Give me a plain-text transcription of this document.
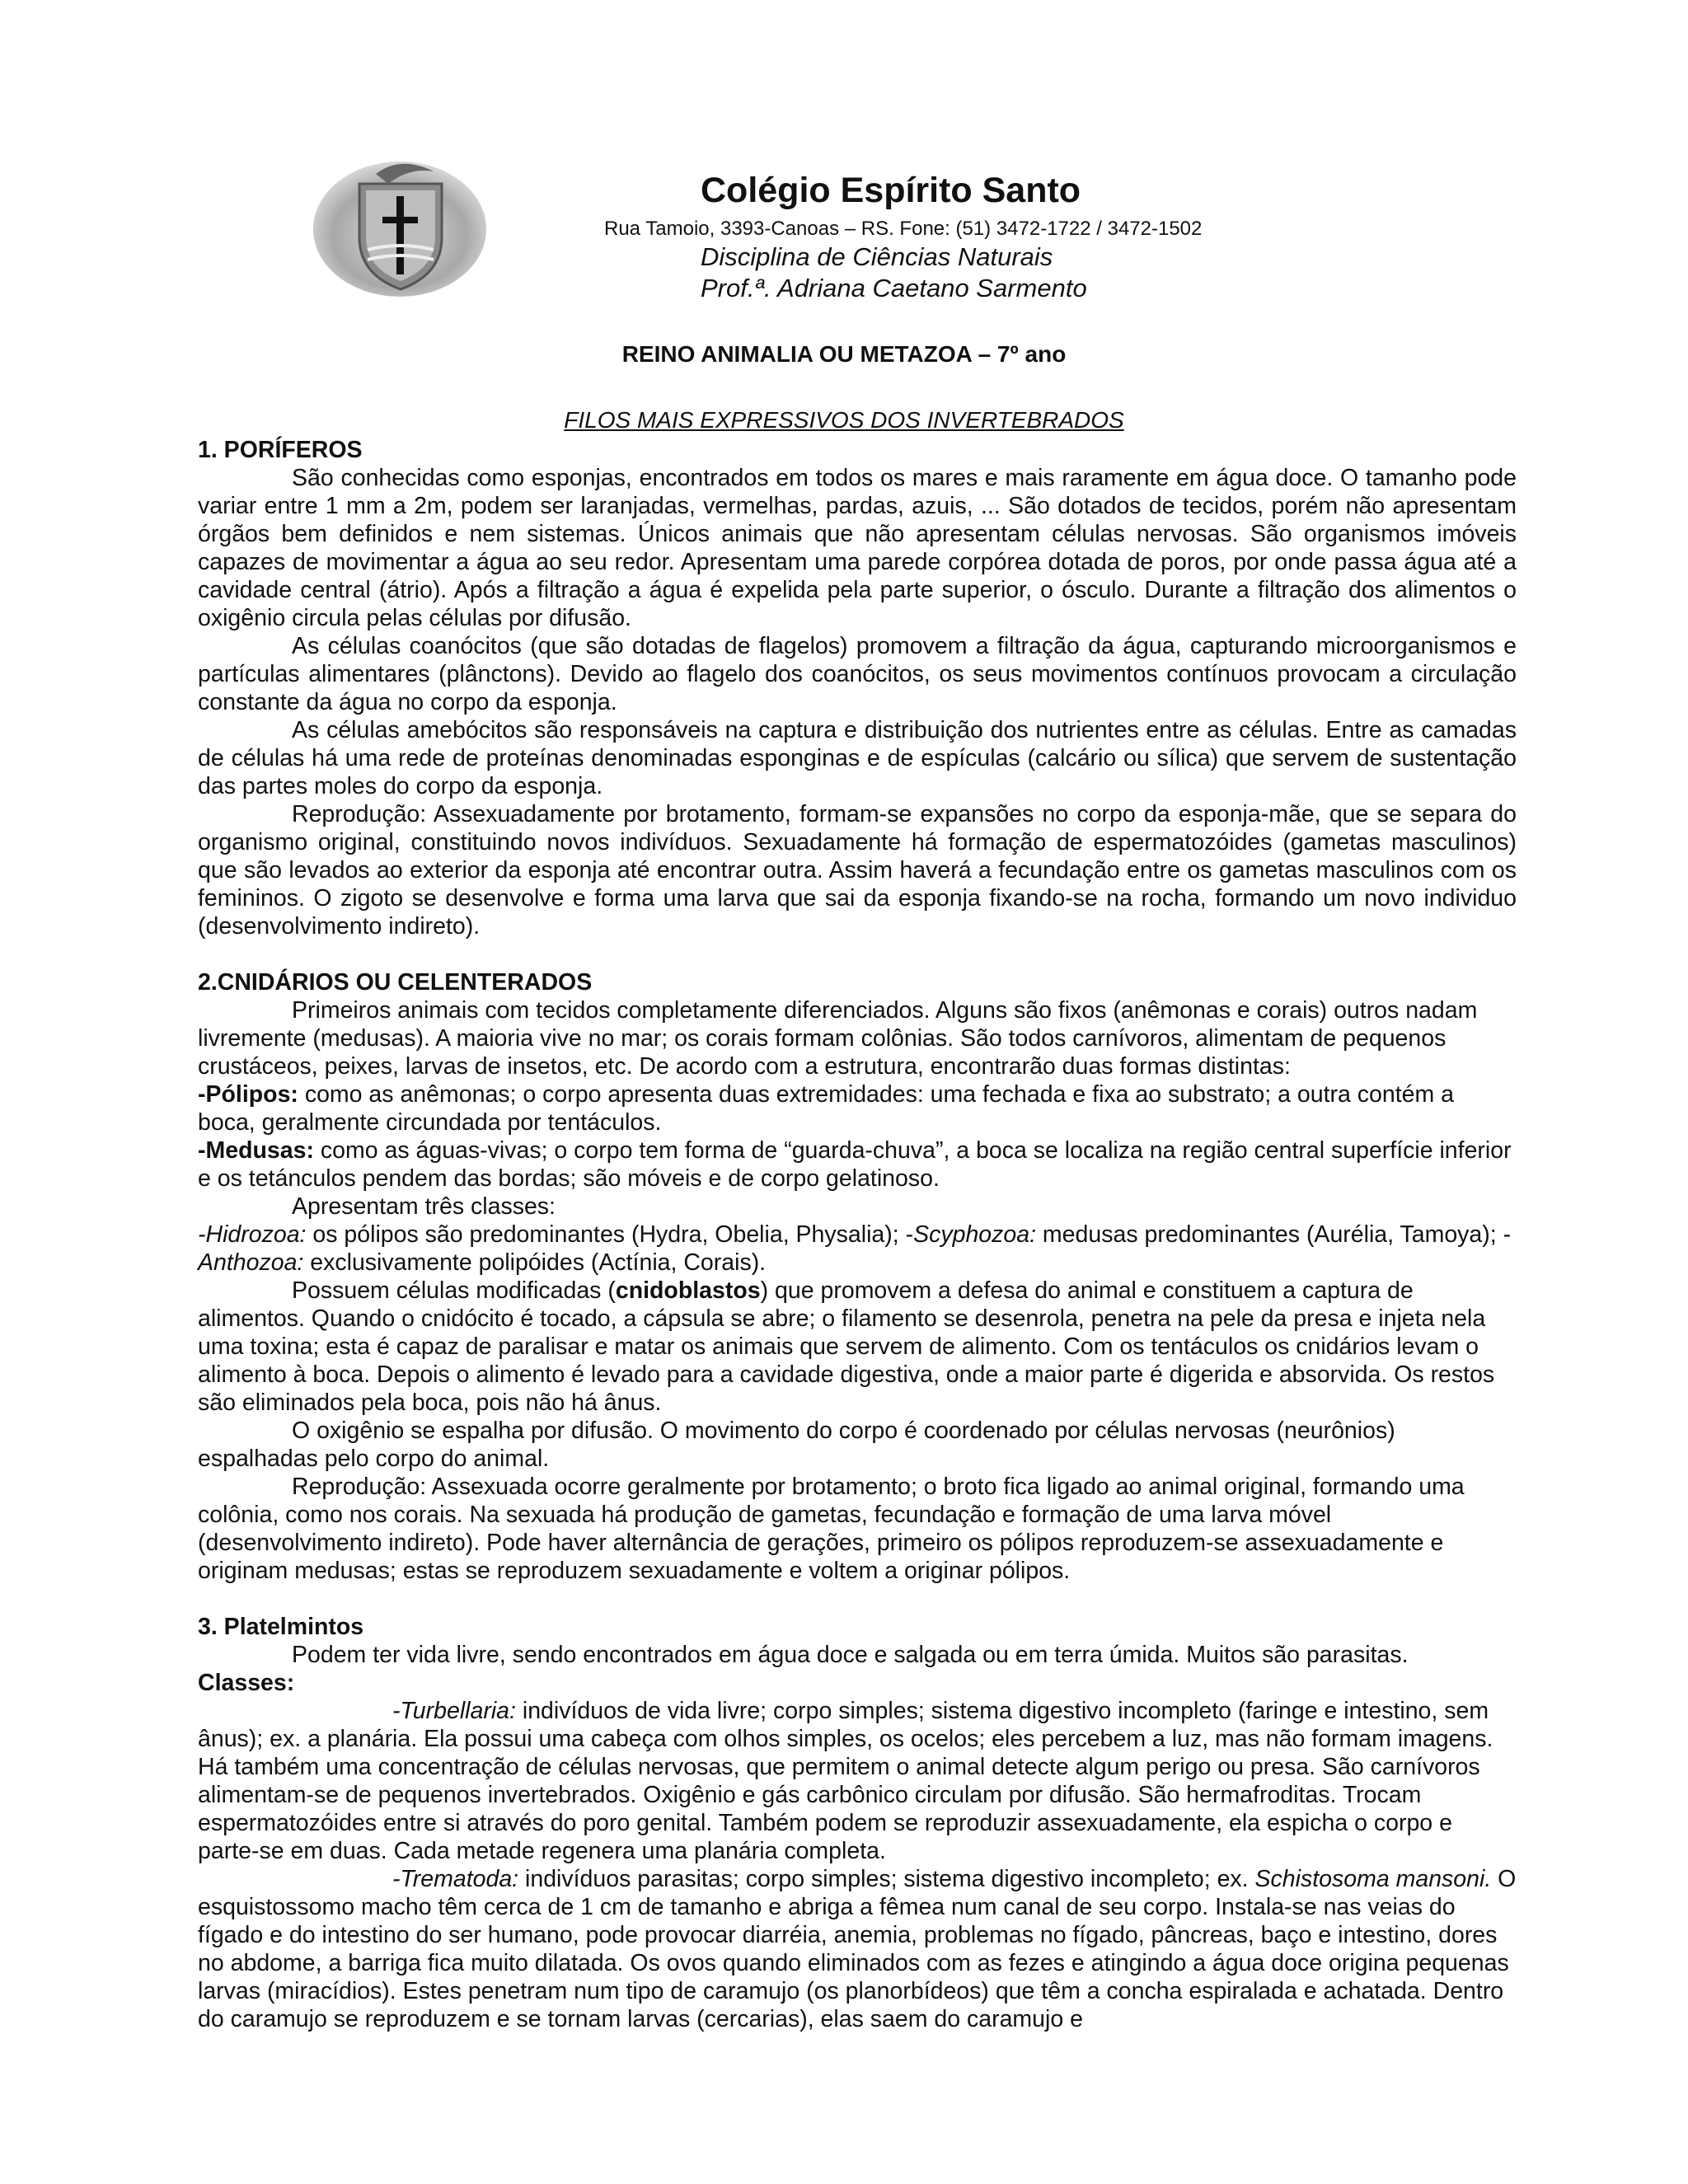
Colégio Espírito Santo
Rua Tamoio, 3393-Canoas – RS. Fone: (51) 3472-1722 / 3472-1502
Disciplina de Ciências Naturais
Prof.ª. Adriana Caetano Sarmento
REINO ANIMALIA OU METAZOA – 7º ano
FILOS MAIS EXPRESSIVOS DOS INVERTEBRADOS
1. PORÍFEROS

São conhecidas como esponjas, encontrados em todos os mares e mais raramente em água doce. O tamanho pode variar entre 1 mm a 2m, podem ser laranjadas, vermelhas, pardas, azuis, ... São dotados de tecidos, porém não apresentam órgãos bem definidos e nem sistemas. Únicos animais que não apresentam células nervosas. São organismos imóveis capazes de movimentar a água ao seu redor. Apresentam uma parede corpórea dotada de poros, por onde passa água até a cavidade central (átrio). Após a filtração a água é expelida pela parte superior, o ósculo. Durante a filtração dos alimentos o oxigênio circula pelas células por difusão.

As células coanócitos (que são dotadas de flagelos) promovem a filtração da água, capturando microorganismos e partículas alimentares (plânctons). Devido ao flagelo dos coanócitos, os seus movimentos contínuos provocam a circulação constante da água no corpo da esponja.

As células amebócitos são responsáveis na captura e distribuição dos nutrientes entre as células. Entre as camadas de células há uma rede de proteínas denominadas esponginas e de espículas (calcário ou sílica) que servem de sustentação das partes moles do corpo da esponja.

Reprodução: Assexuadamente por brotamento, formam-se expansões no corpo da esponja-mãe, que se separa do organismo original, constituindo novos indivíduos. Sexuadamente há formação de espermatozóides (gametas masculinos) que são levados ao exterior da esponja até encontrar outra. Assim haverá a fecundação entre os gametas masculinos com os femininos. O zigoto se desenvolve e forma uma larva que sai da esponja fixando-se na rocha, formando um novo individuo (desenvolvimento indireto).

2.CNIDÁRIOS OU CELENTERADOS

Primeiros animais com tecidos completamente diferenciados. Alguns são fixos (anêmonas e corais) outros nadam livremente (medusas). A maioria vive no mar; os corais formam colônias. São todos carnívoros, alimentam de pequenos crustáceos, peixes, larvas de insetos, etc. De acordo com a estrutura, encontrarão duas formas distintas:

-Pólipos: como as anêmonas; o corpo apresenta duas extremidades: uma fechada e fixa ao substrato; a outra contém a boca, geralmente circundada por tentáculos.

-Medusas: como as águas-vivas; o corpo tem forma de “guarda-chuva”, a boca se localiza na região central superfície inferior e os tetánculos pendem das bordas; são móveis e de corpo gelatinoso.

Apresentam três classes:

-Hidrozoa: os pólipos são predominantes (Hydra, Obelia, Physalia); -Scyphozoa: medusas predominantes (Aurélia, Tamoya); -Anthozoa: exclusivamente polipóides (Actínia, Corais).

Possuem células modificadas (cnidoblastos) que promovem a defesa do animal e constituem a captura de alimentos. Quando o cnidócito é tocado, a cápsula se abre; o filamento se desenrola, penetra na pele da presa e injeta nela uma toxina; esta é capaz de paralisar e matar os animais que servem de alimento. Com os tentáculos os cnidários levam o alimento à boca. Depois o alimento é levado para a cavidade digestiva, onde a maior parte é digerida e absorvida. Os restos são eliminados pela boca, pois não há ânus.

O oxigênio se espalha por difusão. O movimento do corpo é coordenado por células nervosas (neurônios) espalhadas pelo corpo do animal.

Reprodução: Assexuada ocorre geralmente por brotamento; o broto fica ligado ao animal original, formando uma colônia, como nos corais. Na sexuada há produção de gametas, fecundação e formação de uma larva móvel (desenvolvimento indireto). Pode haver alternância de gerações, primeiro os pólipos reproduzem-se assexuadamente e originam medusas; estas se reproduzem sexuadamente e voltem a originar pólipos.

3. Platelmintos

Podem ter vida livre, sendo encontrados em água doce e salgada ou em terra úmida. Muitos são parasitas.

Classes:

-Turbellaria: indivíduos de vida livre; corpo simples; sistema digestivo incompleto (faringe e intestino, sem ânus); ex. a planária. Ela possui uma cabeça com olhos simples, os ocelos; eles percebem a luz, mas não formam imagens. Há também uma concentração de células nervosas, que permitem o animal detecte algum perigo ou presa. São carnívoros alimentam-se de pequenos invertebrados. Oxigênio e gás carbônico circulam por difusão. São hermafroditas. Trocam espermatozóides entre si através do poro genital. Também podem se reproduzir assexuadamente, ela espicha o corpo e parte-se em duas. Cada metade regenera uma planária completa.

-Trematoda: indivíduos parasitas; corpo simples; sistema digestivo incompleto; ex. Schistosoma mansoni. O esquistossomo macho têm cerca de 1 cm de tamanho e abriga a fêmea num canal de seu corpo. Instala-se nas veias do fígado e do intestino do ser humano, pode provocar diarréia, anemia, problemas no fígado, pâncreas, baço e intestino, dores no abdome, a barriga fica muito dilatada. Os ovos quando eliminados com as fezes e atingindo a água doce origina pequenas larvas (miracídios). Estes penetram num tipo de caramujo (os planorbídeos) que têm a concha espiralada e achatada. Dentro do caramujo se reproduzem e se tornam larvas (cercarias), elas saem do caramujo e
